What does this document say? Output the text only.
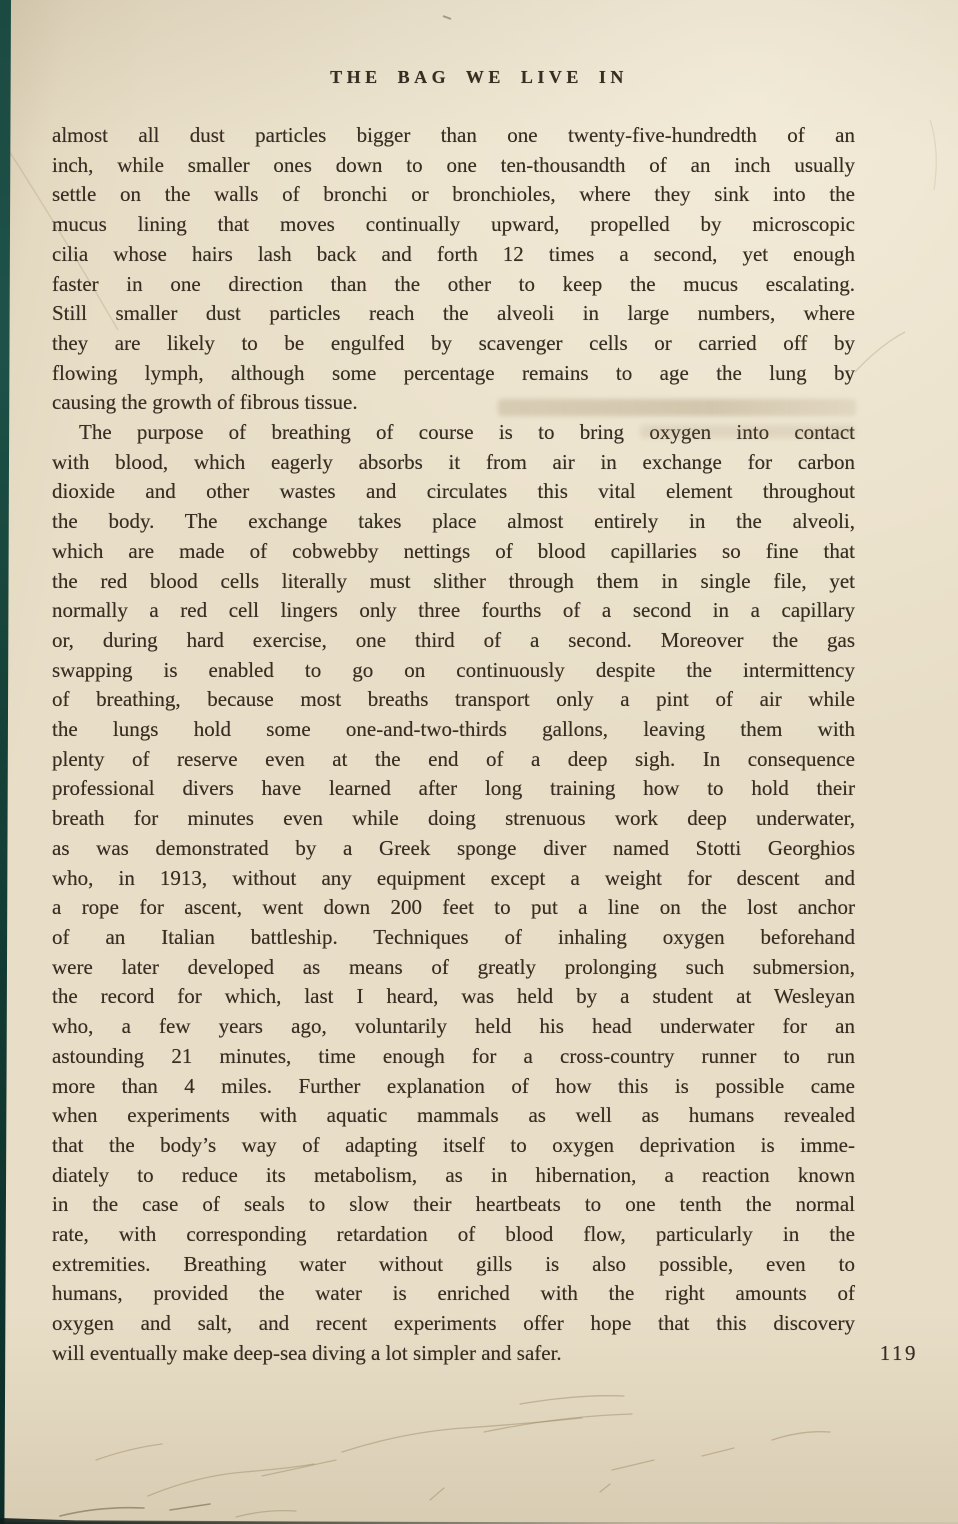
THE BAG WE LIVE IN
almost all dust particles bigger than one twenty-five-hundredth of an
inch, while smaller ones down to one ten-thousandth of an inch usually
settle on the walls of bronchi or bronchioles, where they sink into the
mucus lining that moves continually upward, propelled by microscopic
cilia whose hairs lash back and forth 12 times a second, yet enough
faster in one direction than the other to keep the mucus escalating.
Still smaller dust particles reach the alveoli in large numbers, where
they are likely to be engulfed by scavenger cells or carried off by
flowing lymph, although some percentage remains to age the lung by
causing the growth of fibrous tissue.
The purpose of breathing of course is to bring oxygen into contact
with blood, which eagerly absorbs it from air in exchange for carbon
dioxide and other wastes and circulates this vital element throughout
the body. The exchange takes place almost entirely in the alveoli,
which are made of cobwebby nettings of blood capillaries so fine that
the red blood cells literally must slither through them in single file, yet
normally a red cell lingers only three fourths of a second in a capillary
or, during hard exercise, one third of a second. Moreover the gas
swapping is enabled to go on continuously despite the intermittency
of breathing, because most breaths transport only a pint of air while
the lungs hold some one-and-two-thirds gallons, leaving them with
plenty of reserve even at the end of a deep sigh. In consequence
professional divers have learned after long training how to hold their
breath for minutes even while doing strenuous work deep underwater,
as was demonstrated by a Greek sponge diver named Stotti Georghios
who, in 1913, without any equipment except a weight for descent and
a rope for ascent, went down 200 feet to put a line on the lost anchor
of an Italian battleship. Techniques of inhaling oxygen beforehand
were later developed as means of greatly prolonging such submersion,
the record for which, last I heard, was held by a student at Wesleyan
who, a few years ago, voluntarily held his head underwater for an
astounding 21 minutes, time enough for a cross-country runner to run
more than 4 miles. Further explanation of how this is possible came
when experiments with aquatic mammals as well as humans revealed
that the body’s way of adapting itself to oxygen deprivation is imme-
diately to reduce its metabolism, as in hibernation, a reaction known
in the case of seals to slow their heartbeats to one tenth the normal
rate, with corresponding retardation of blood flow, particularly in the
extremities. Breathing water without gills is also possible, even to
humans, provided the water is enriched with the right amounts of
oxygen and salt, and recent experiments offer hope that this discovery
will eventually make deep-sea diving a lot simpler and safer.	119
